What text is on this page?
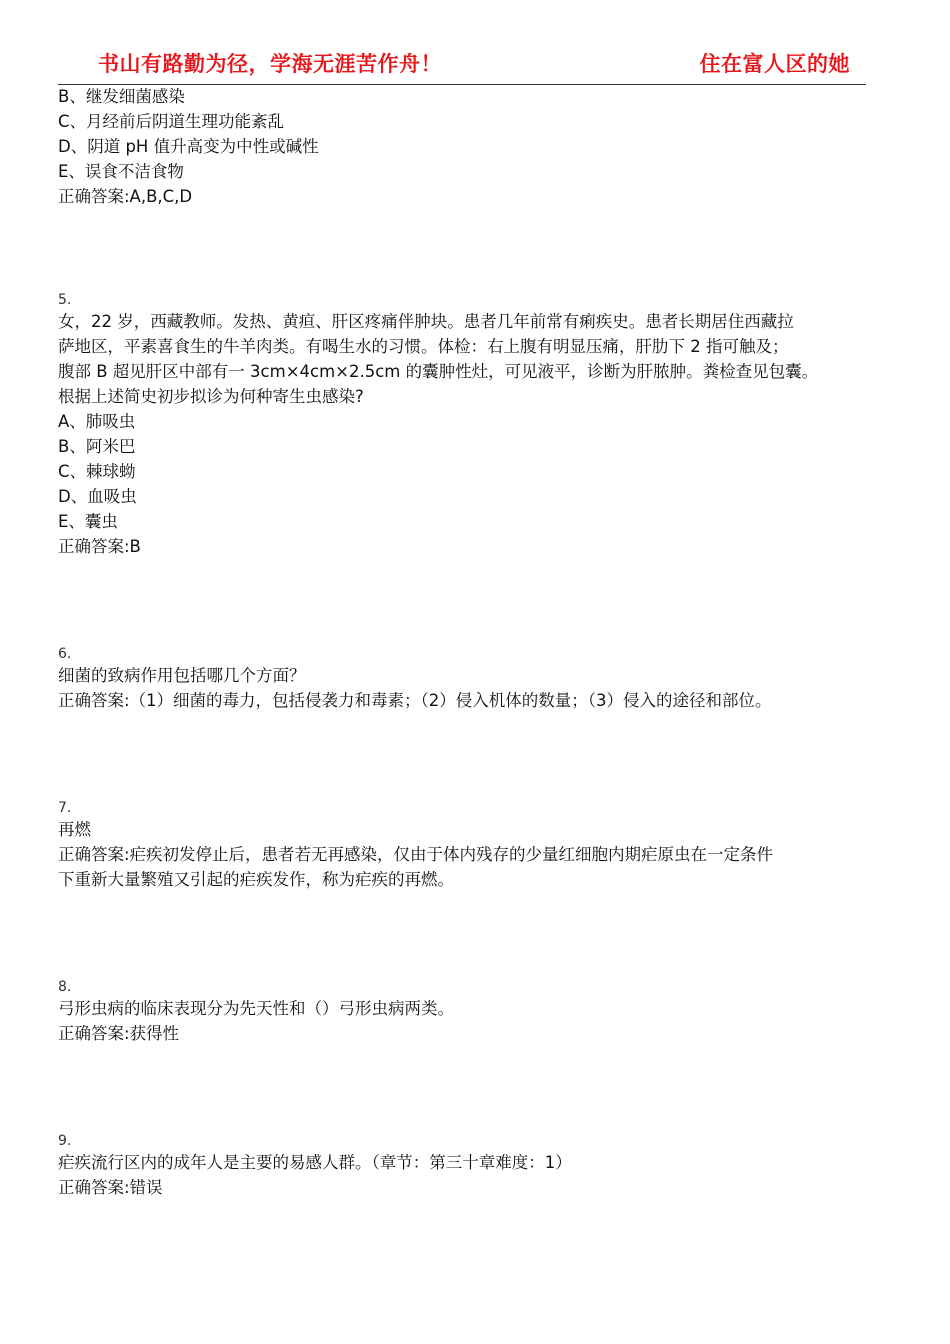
书山有路勤为径，学海无涯苦作舟！	住在富人区的她
B、继发细菌感染
C、月经前后阴道生理功能紊乱
D、阴道 pH 值升高变为中性或碱性
E、误食不洁食物
正确答案:A,B,C,D
5.
女，22 岁，西藏教师。发热、黄疸、肝区疼痛伴肿块。患者几年前常有痢疾史。患者长期居住西藏拉
萨地区，平素喜食生的牛羊肉类。有喝生水的习惯。体检：右上腹有明显压痛，肝肋下 2 指可触及；
腹部 B 超见肝区中部有一 3cm×4cm×2.5cm 的囊肿性灶，可见液平，诊断为肝脓肿。粪检查见包囊。
根据上述简史初步拟诊为何种寄生虫感染?
A、肺吸虫
B、阿米巴
C、棘球蚴
D、血吸虫
E、囊虫
正确答案:B
6.
细菌的致病作用包括哪几个方面？
正确答案:（1）细菌的毒力，包括侵袭力和毒素；（2）侵入机体的数量；（3）侵入的途径和部位。
7.
再燃
正确答案:疟疾初发停止后，患者若无再感染，仅由于体内残存的少量红细胞内期疟原虫在一定条件
下重新大量繁殖又引起的疟疾发作，称为疟疾的再燃。
8.
弓形虫病的临床表现分为先天性和（）弓形虫病两类。
正确答案:获得性
9.
疟疾流行区内的成年人是主要的易感人群。（章节：第三十章难度：1）
正确答案:错误
